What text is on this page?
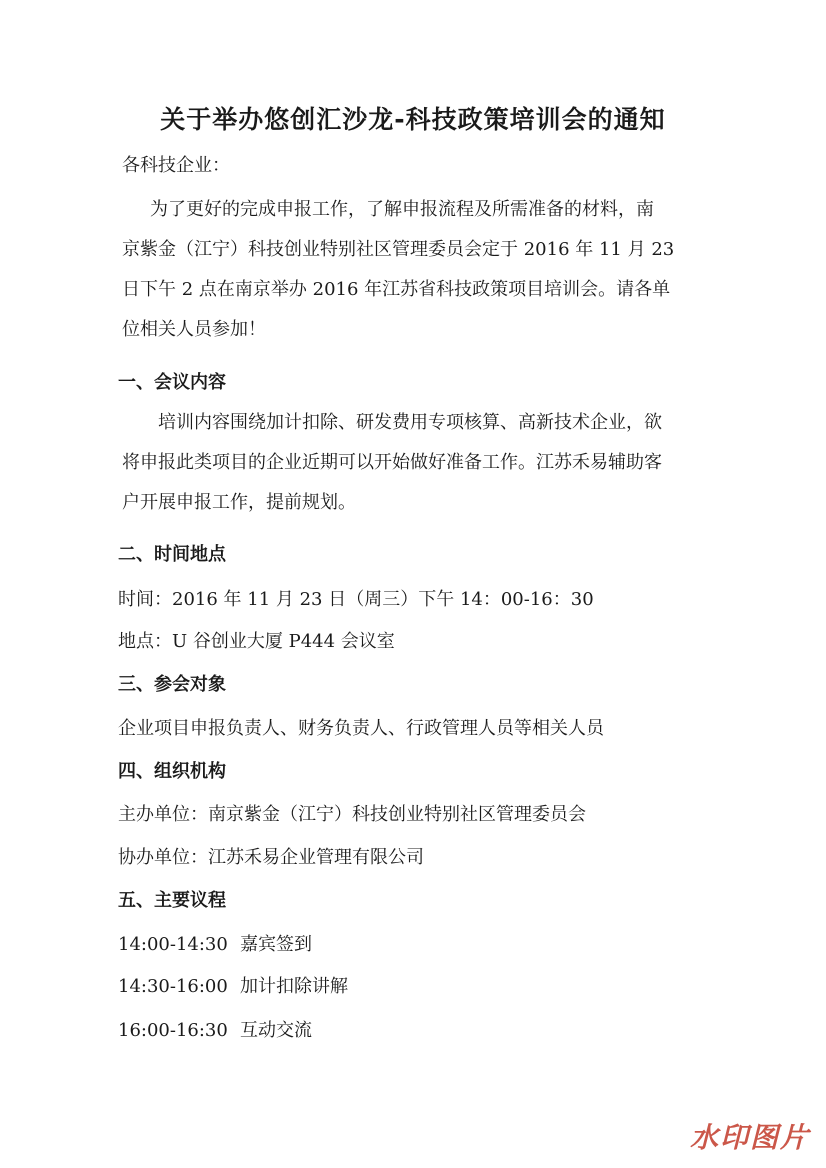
关于举办悠创汇沙龙-科技政策培训会的通知
各科技企业：
为了更好的完成申报工作，了解申报流程及所需准备的材料，南
京紫金（江宁）科技创业特别社区管理委员会定于 2016 年 11 月 23
日下午 2 点在南京举办 2016 年江苏省科技政策项目培训会。请各单
位相关人员参加！
一、会议内容
培训内容围绕加计扣除、研发费用专项核算、高新技术企业，欲
将申报此类项目的企业近期可以开始做好准备工作。江苏禾易辅助客
户开展申报工作，提前规划。
二、时间地点
时间：2016 年 11 月 23 日（周三）下午 14：00-16：30
地点：U 谷创业大厦 P444 会议室
三、参会对象
企业项目申报负责人、财务负责人、行政管理人员等相关人员
四、组织机构
主办单位：南京紫金（江宁）科技创业特别社区管理委员会
协办单位：江苏禾易企业管理有限公司
五、主要议程
14:00-14:30 嘉宾签到
14:30-16:00 加计扣除讲解
16:00-16:30 互动交流
水印图片
